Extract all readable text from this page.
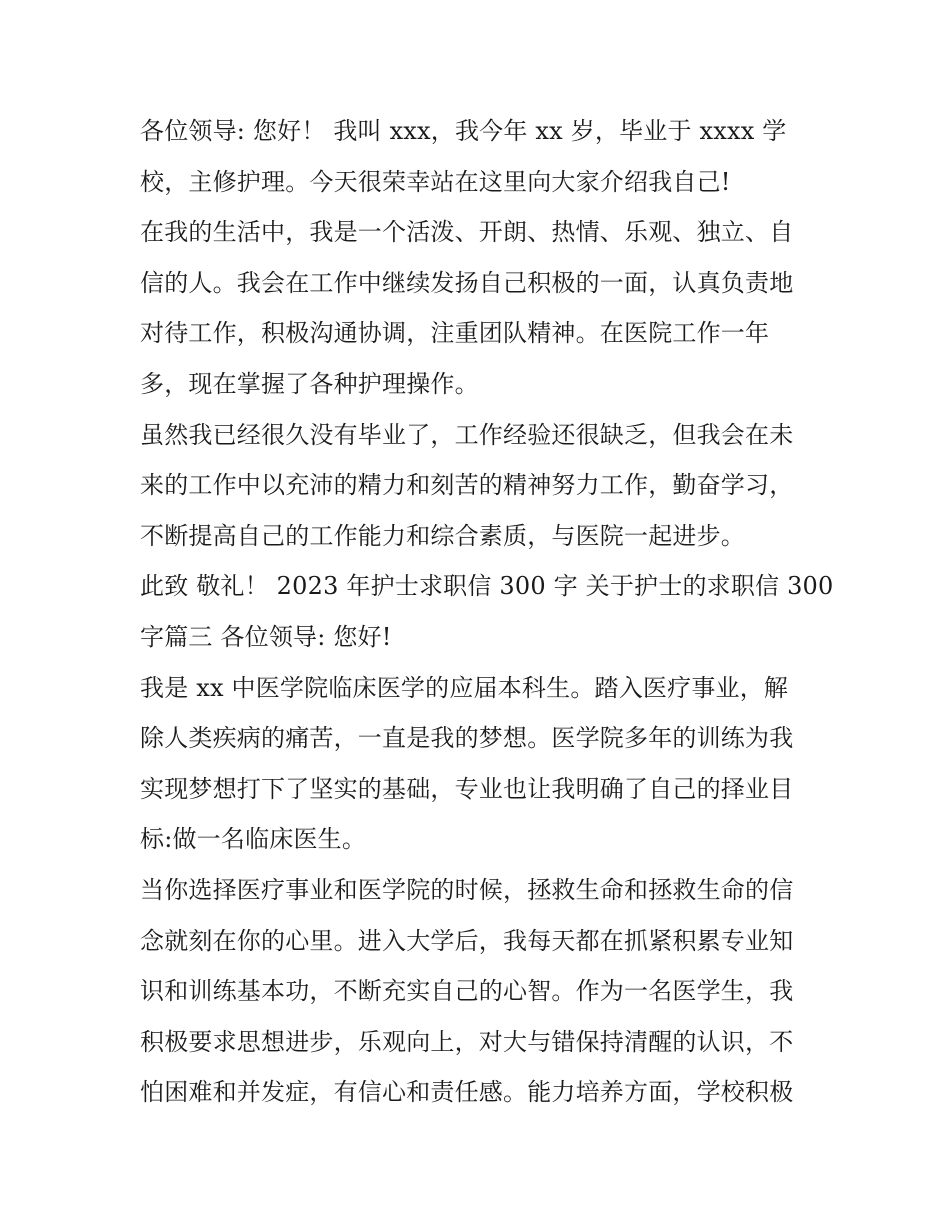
各位领导: 您好！ 我叫 xxx，我今年 xx 岁，毕业于 xxxx 学
校，主修护理。今天很荣幸站在这里向大家介绍我自己!
在我的生活中，我是一个活泼、开朗、热情、乐观、独立、自
信的人。我会在工作中继续发扬自己积极的一面，认真负责地
对待工作，积极沟通协调，注重团队精神。在医院工作一年
多，现在掌握了各种护理操作。
虽然我已经很久没有毕业了，工作经验还很缺乏，但我会在未
来的工作中以充沛的精力和刻苦的精神努力工作，勤奋学习，
不断提高自己的工作能力和综合素质，与医院一起进步。
此致 敬礼！ 2023 年护士求职信 300 字 关于护士的求职信 300
字篇三 各位领导: 您好!
我是 xx 中医学院临床医学的应届本科生。踏入医疗事业，解
除人类疾病的痛苦，一直是我的梦想。医学院多年的训练为我
实现梦想打下了坚实的基础，专业也让我明确了自己的择业目
标:做一名临床医生。
当你选择医疗事业和医学院的时候，拯救生命和拯救生命的信
念就刻在你的心里。进入大学后，我每天都在抓紧积累专业知
识和训练基本功，不断充实自己的心智。作为一名医学生，我
积极要求思想进步，乐观向上，对大与错保持清醒的认识，不
怕困难和并发症，有信心和责任感。能力培养方面，学校积极
